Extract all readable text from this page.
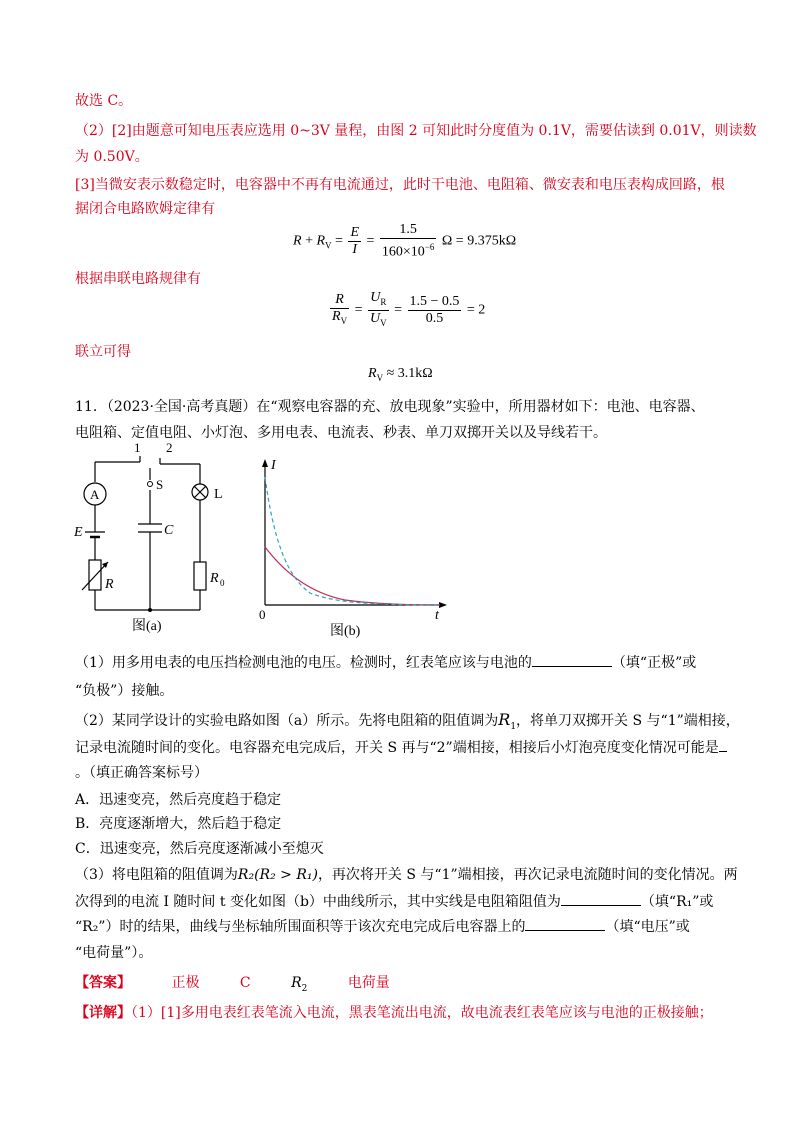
故选 C。
（2）[2]由题意可知电压表应选用 0~3V 量程，由图 2 可知此时分度值为 0.1V，需要估读到 0.01V，则读数
为 0.50V。
[3]当微安表示数稳定时，电容器中不再有电流通过，此时干电池、电阻箱、微安表和电压表构成回路，根
据闭合电路欧姆定律有
$R + R_V = \frac{E}{I} = \frac{1.5}{160\times 10^{-6}}$ Ω = 9.375kΩ
根据串联电路规律有
$\frac{R}{R_V} = \frac{U_R}{U_V} = \frac{1.5 - 0.5}{0.5} = 2$
联立可得
$R_V \approx 3.1k\Omega$
11．（2023·全国·高考真题）在“观察电容器的充、放电现象”实验中，所用器材如下：电池、电容器、
电阻箱、定值电阻、小灯泡、多用电表、电流表、秒表、单刀双掷开关以及导线若干。
1 2
A
S
L
E	C
R	R 0
图(a)
I
t
0
图(b)
（1）用多用电表的电压挡检测电池的电压。检测时，红表笔应该与电池的	（填“正极”或
“负极”）接触。
（2）某同学设计的实验电路如图（a）所示。先将电阻箱的阻值调为$R_1$，将单刀双掷开关 S 与“1”端相接，
记录电流随时间的变化。电容器充电完成后，开关 S 再与“2”端相接，相接后小灯泡亮度变化情况可能是
。（填正确答案标号）
A．迅速变亮，然后亮度趋于稳定
B．亮度逐渐增大，然后趋于稳定
C．迅速变亮，然后亮度逐渐减小至熄灭
（3）将电阻箱的阻值调为R₂(R₂ > R₁)，再次将开关 S 与“1”端相接，再次记录电流随时间的变化情况。两
次得到的电流 I 随时间 t 变化如图（b）中曲线所示，其中实线是电阻箱阻值为	（填“R₁”或
“R₂”）时的结果，曲线与坐标轴所围面积等于该次充电完成后电容器上的	（填“电压”或
“电荷量”）。
【答案】	正极	C	$R_2$	电荷量
【详解】（1）[1]多用电表红表笔流入电流，黑表笔流出电流，故电流表红表笔应该与电池的正极接触；
